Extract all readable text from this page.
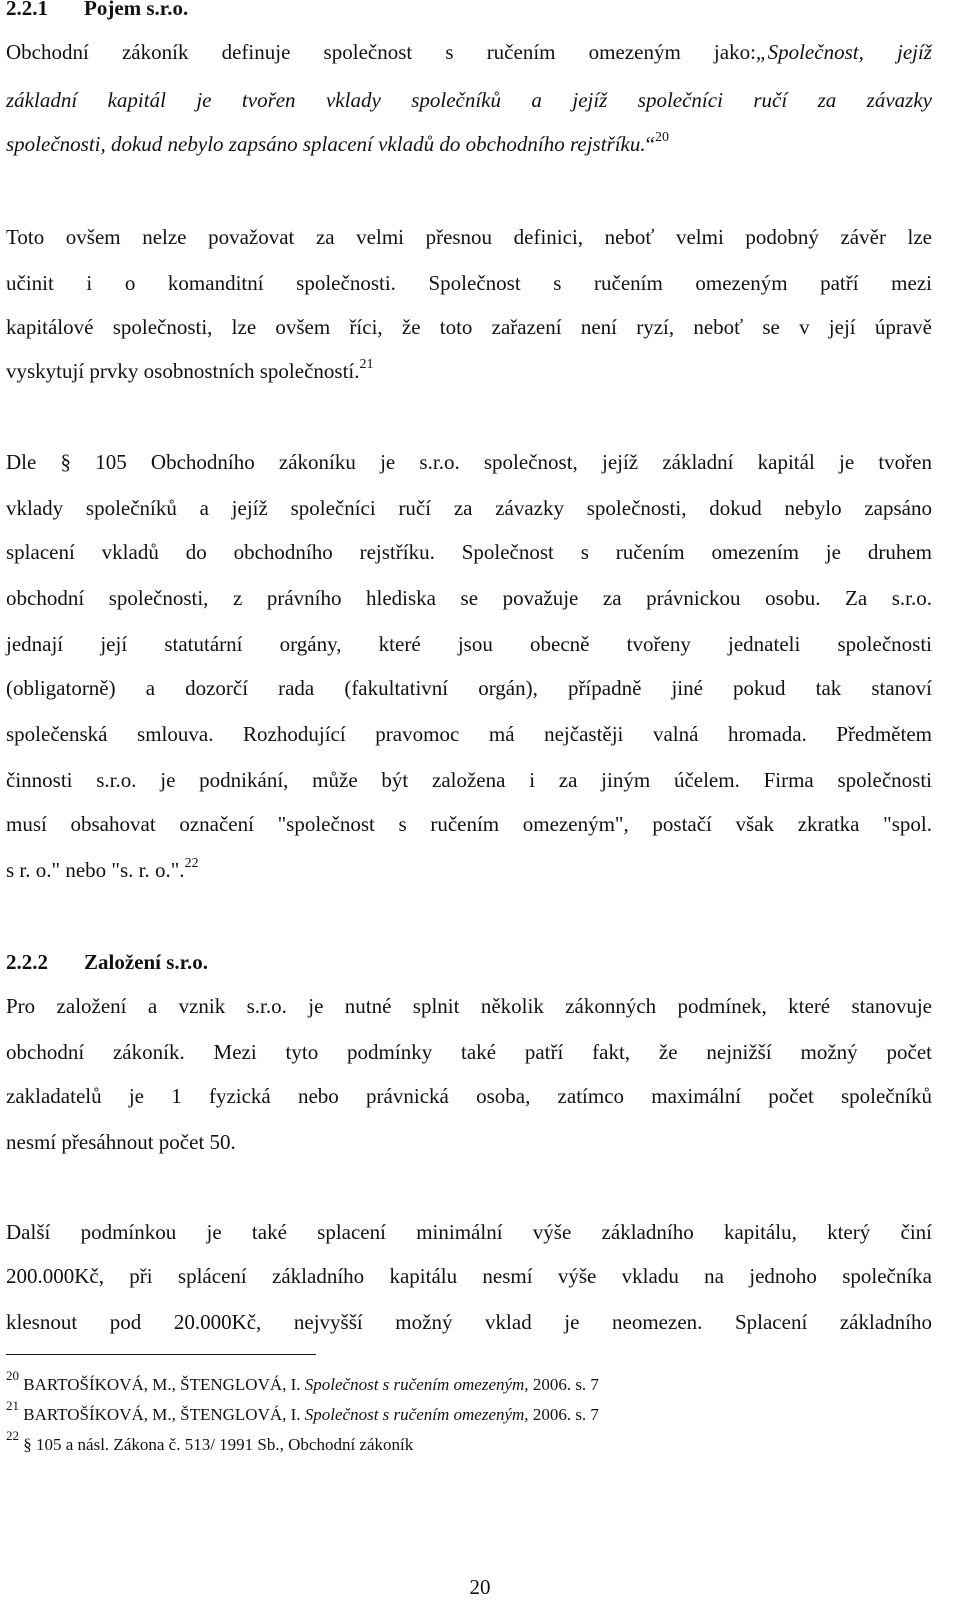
2.2.1 Pojem s.r.o.
Obchodní zákoník definuje společnost s ručením omezeným jako:„Společnost, jejíž
základní kapitál je tvořen vklady společníků a jejíž společníci ručí za závazky
společnosti, dokud nebylo zapsáno splacení vkladů do obchodního rejstříku.“$^{20}$
Toto ovšem nelze považovat za velmi přesnou definici, neboť velmi podobný závěr lze
učinit i o komanditní společnosti. Společnost s ručením omezeným patří mezi
kapitálové společnosti, lze ovšem říci, že toto zařazení není ryzí, neboť se v její úpravě
vyskytují prvky osobnostních společností.$^{21}$
Dle § 105 Obchodního zákoníku je s.r.o. společnost, jejíž základní kapitál je tvořen
vklady společníků a jejíž společníci ručí za závazky společnosti, dokud nebylo zapsáno
splacení vkladů do obchodního rejstříku. Společnost s ručením omezením je druhem
obchodní společnosti, z právního hlediska se považuje za právnickou osobu. Za s.r.o.
jednají její statutární orgány, které jsou obecně tvořeny jednateli společnosti
(obligatorně) a dozorčí rada (fakultativní orgán), případně jiné pokud tak stanoví
společenská smlouva. Rozhodující pravomoc má nejčastěji valná hromada. Předmětem
činnosti s.r.o. je podnikání, může být založena i za jiným účelem. Firma společnosti
musí obsahovat označení "společnost s ručením omezeným", postačí však zkratka "spol.
s r. o." nebo "s. r. o.".$^{22}$
2.2.2 Založení s.r.o.
Pro založení a vznik s.r.o. je nutné splnit několik zákonných podmínek, které stanovuje
obchodní zákoník. Mezi tyto podmínky také patří fakt, že nejnižší možný počet
zakladatelů je 1 fyzická nebo právnická osoba, zatímco maximální počet společníků
nesmí přesáhnout počet 50.
Další podmínkou je také splacení minimální výše základního kapitálu, který činí
200.000Kč, při splácení základního kapitálu nesmí výše vkladu na jednoho společníka
klesnout pod 20.000Kč, nejvyšší možný vklad je neomezen. Splacení základního
$^{20}$ BARTOŠÍKOVÁ, M., ŠTENGLOVÁ, I. Společnost s ručením omezeným, 2006. s. 7
$^{21}$ BARTOŠÍKOVÁ, M., ŠTENGLOVÁ, I. Společnost s ručením omezeným, 2006. s. 7
$^{22}$ § 105 a násl. Zákona č. 513/ 1991 Sb., Obchodní zákoník
20
